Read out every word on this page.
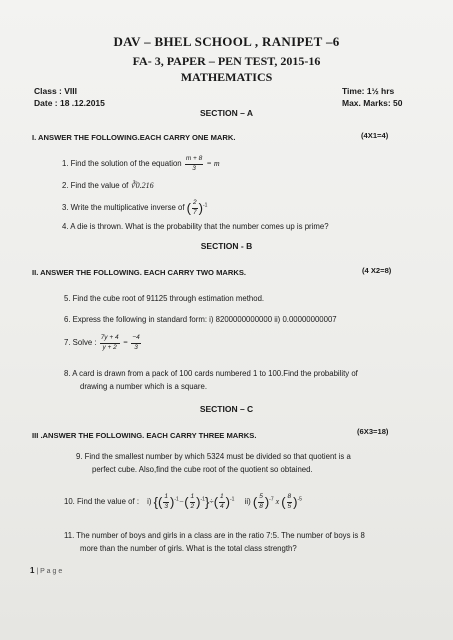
DAV – BHEL SCHOOL , RANIPET –6
FA- 3, PAPER – PEN TEST, 2015-16
MATHEMATICS
Class : VIII
Date : 18 .12.2015
Time: 1½ hrs
Max. Marks: 50
SECTION – A
I. ANSWER THE FOLLOWING.EACH CARRY ONE MARK.	(4X1=4)
1. Find the solution of the equation $\frac{m + 8}{3} = m$
2. Find the value of ∛0.216
3. Write the multiplicative inverse of ( $\frac{2}{7} )^{-1}$
4. A die is thrown. What is the probability that the number comes up is prime?
SECTION - B
II. ANSWER THE FOLLOWING. EACH CARRY TWO MARKS.	(4 X2=8)
5. Find the cube root of 91125 through estimation method.
6. Express the following in standard form: i) 8200000000000 ii) 0.00000000007
7. Solve : $\frac{7y + 4}{y + 2} = \frac{-4}{3}$
8. A card is drawn from a pack of 100 cards numbered 1 to 100.Find the probability of
drawing a number which is a square.
SECTION – C
III .ANSWER THE FOLLOWING. EACH CARRY THREE MARKS.	(6X3=18)
9. Find the smallest number by which 5324 must be divided so that quotient is a
perfect cube. Also,find the cube root of the quotient so obtained.
10. Find the value of : i) {( $\frac{1}{3} )^{-1}-( \frac{1}{2} )^{-1}\}\div( \frac{1}{4} )^{-1}$ ii) ( $\frac{5}{8} )^{-7}$ x ( $\frac{8}{5} )^{-5}$
11. The number of boys and girls in a class are in the ratio 7:5. The number of boys is 8
more than the number of girls. What is the total class strength?
1 | P a g e
